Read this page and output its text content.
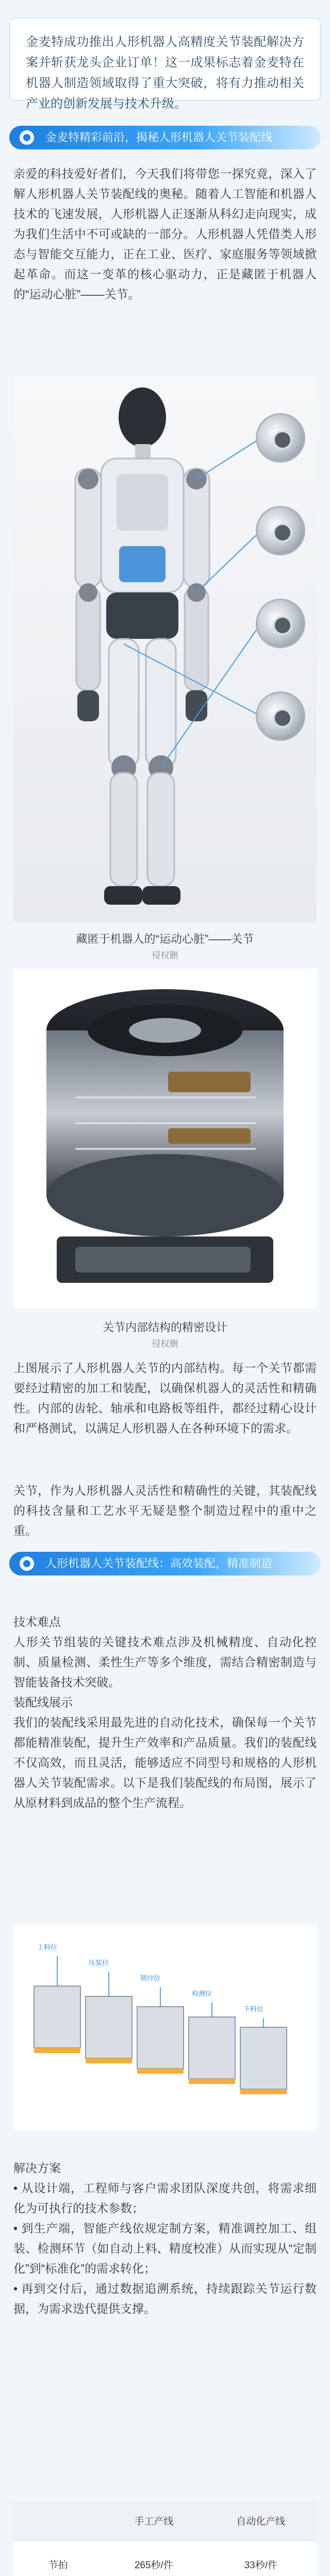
金麦特成功推出人形机器人高精度关节装配解决方案并斩获龙头企业订单！这一成果标志着金麦特在机器人制造领域取得了重大突破，将有力推动相关产业的创新发展与技术升级。
金麦特精彩前沿，揭秘人形机器人关节装配线
亲爱的科技爱好者们，今天我们将带您一探究竟，深入了解人形机器人关节装配线的奥秘。随着人工智能和机器人技术的飞速发展，人形机器人正逐渐从科幻走向现实，成为我们生活中不可或缺的一部分。人形机器人凭借类人形态与智能交互能力，正在工业、医疗、家庭服务等领域掀起革命。而这一变革的核心驱动力，正是藏匿于机器人的“运动心脏”——关节。
藏匿于机器人的“运动心脏”——关节
侵权删
关节内部结构的精密设计
侵权删
上图展示了人形机器人关节的内部结构。每一个关节都需要经过精密的加工和装配，以确保机器人的灵活性和精确性。内部的齿轮、轴承和电路板等组件，都经过精心设计和严格测试，以满足人形机器人在各种环境下的需求。
关节，作为人形机器人灵活性和精确性的关键，其装配线的科技含量和工艺水平无疑是整个制造过程中的重中之重。
人形机器人关节装配线：高效装配，精准制造

技术难点
人形关节组装的关键技术难点涉及机械精度、自动化控制、质量检测、柔性生产等多个维度，需结合精密制造与智能装备技术突破。
装配线展示
我们的装配线采用最先进的自动化技术，确保每一个关节都能精准装配，提升生产效率和产品质量。我们的装配线不仅高效，而且灵活，能够适应不同型号和规格的人形机器人关节装配需求。以下是我们装配线的布局图，展示了从原材料到成品的整个生产流程。

上料位
压装位
锁付位
检测位
下料位

解决方案
• 从设计端，工程师与客户需求团队深度共创，将需求细化为可执行的技术参数；
• 到生产端，智能产线依规定制方案，精准调控加工、组装、检测环节（如自动上料、精度校准）从而实现从“定制化”到“标准化”的需求转化；
• 再到交付后，通过数据追溯系统，持续跟踪关节运行数据，为需求迭代提供支撑。

	手工产线	自动化产线
节拍	265秒/件	33秒/件
